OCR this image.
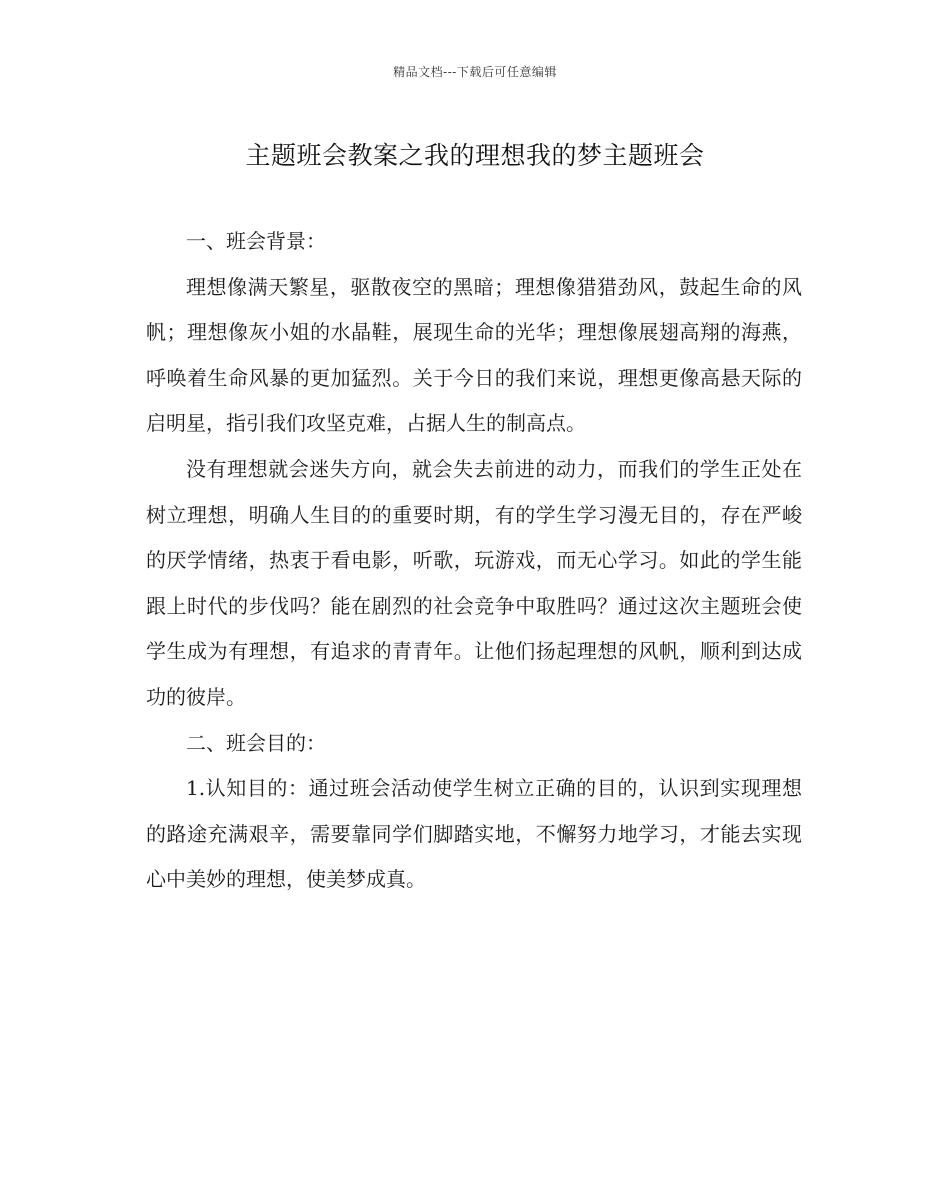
精品文档---下载后可任意编辑
主题班会教案之我的理想我的梦主题班会

一、班会背景：

理想像满天繁星，驱散夜空的黑暗；理想像猎猎劲风，鼓起生命的风帆；理想像灰小姐的水晶鞋，展现生命的光华；理想像展翅高翔的海燕，呼唤着生命风暴的更加猛烈。关于今日的我们来说，理想更像高悬天际的启明星，指引我们攻坚克难，占据人生的制高点。

没有理想就会迷失方向，就会失去前进的动力，而我们的学生正处在树立理想，明确人生目的的重要时期，有的学生学习漫无目的，存在严峻的厌学情绪，热衷于看电影，听歌，玩游戏，而无心学习。如此的学生能跟上时代的步伐吗？能在剧烈的社会竞争中取胜吗？通过这次主题班会使学生成为有理想，有追求的青青年。让他们扬起理想的风帆，顺利到达成功的彼岸。

二、班会目的：

1.认知目的：通过班会活动使学生树立正确的目的，认识到实现理想的路途充满艰辛，需要靠同学们脚踏实地，不懈努力地学习，才能去实现心中美妙的理想，使美梦成真。
